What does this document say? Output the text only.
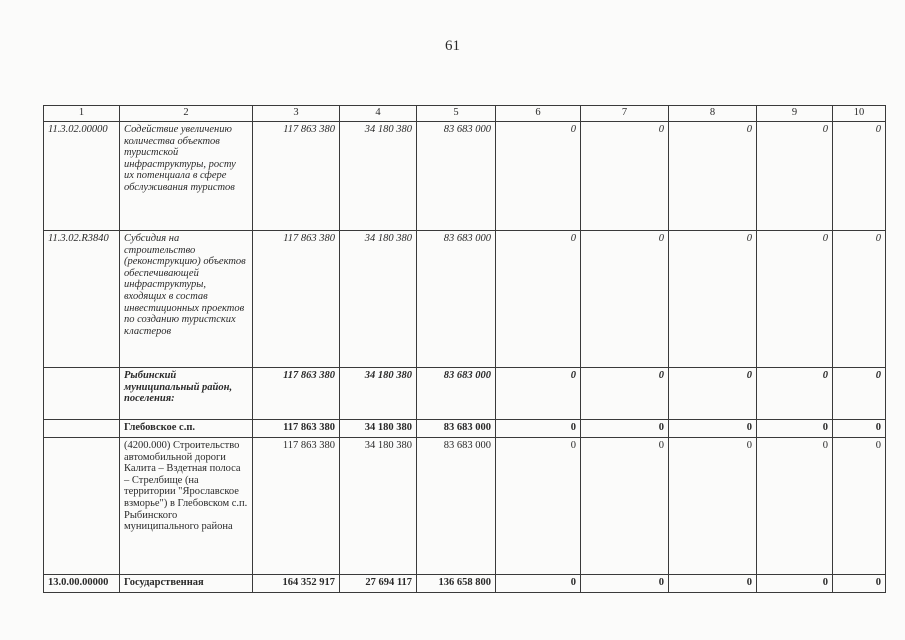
61
1	2	3	4	5	6	7	8	9	10
11.3.02.00000	Содействие увеличению количества объектов туристской инфраструктуры, росту их потенциала в сфере обслуживания туристов	117 863 380	34 180 380	83 683 000	0	0	0	0	0
11.3.02.R3840	Субсидия на строительство (реконструкцию) объектов обеспечивающей инфраструктуры, входящих в состав инвестиционных проектов по созданию туристских кластеров	117 863 380	34 180 380	83 683 000	0	0	0	0	0
	Рыбинский муниципальный район, поселения:	117 863 380	34 180 380	83 683 000	0	0	0	0	0
	Глебовское с.п.	117 863 380	34 180 380	83 683 000	0	0	0	0	0
	(4200.000) Строительство автомобильной дороги Калита – Вздетная полоса – Стрелбище (на территории "Ярославское взморье") в Глебовском с.п. Рыбинского муниципального района	117 863 380	34 180 380	83 683 000	0	0	0	0	0
13.0.00.00000	Государственная	164 352 917	27 694 117	136 658 800	0	0	0	0	0
